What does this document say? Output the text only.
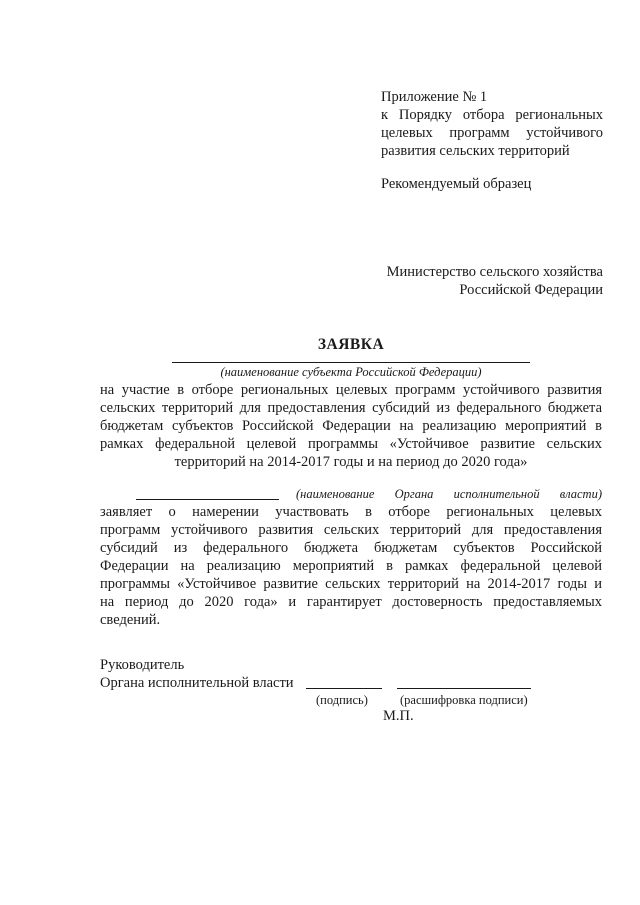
Приложение № 1
к Порядку отбора региональных
целевых программ устойчивого
развития сельских территорий
Рекомендуемый образец
Министерство сельского хозяйства
Российской Федерации
ЗАЯВКА
(наименование субъекта Российской Федерации)
на участие в отборе региональных целевых программ устойчивого развития
сельских территорий для предоставления субсидий из федерального бюджета
бюджетам субъектов Российской Федерации на реализацию мероприятий в
рамках федеральной целевой программы «Устойчивое развитие сельских
территорий на 2014-2017 годы и на период до 2020 года»
(наименование Органа исполнительной власти)
заявляет о намерении участвовать в отборе региональных целевых
программ устойчивого развития сельских территорий для предоставления
субсидий из федерального бюджета бюджетам субъектов Российской
Федерации на реализацию мероприятий в рамках федеральной целевой
программы «Устойчивое развитие сельских территорий на 2014-2017 годы и
на период до 2020 года» и гарантирует достоверность предоставляемых
сведений.
Руководитель
Органа исполнительной власти
(подпись)	(расшифровка подписи)
М.П.
